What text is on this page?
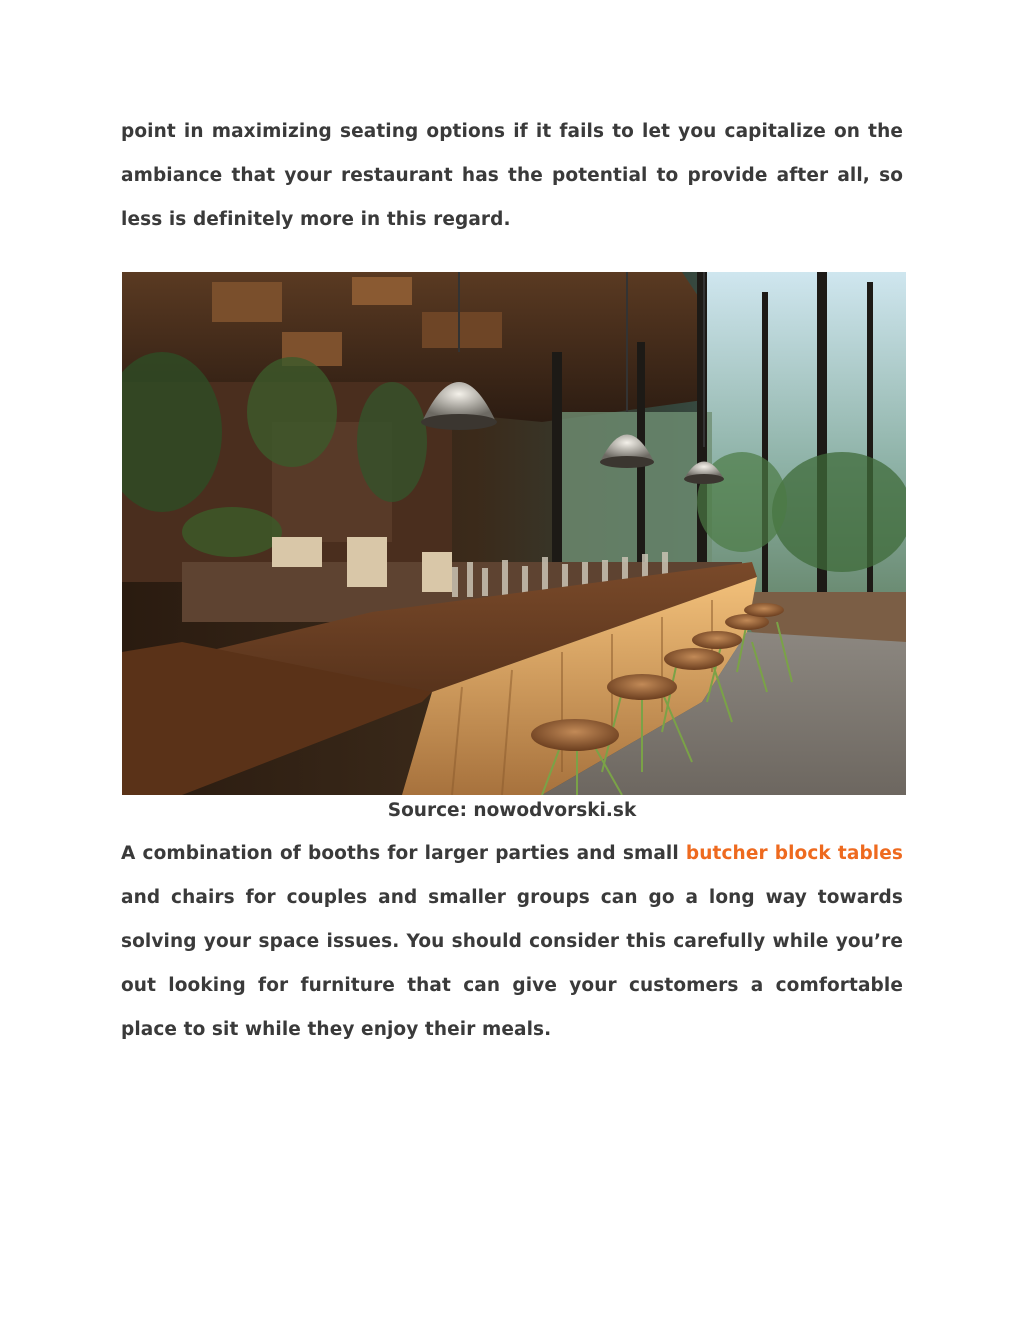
point in maximizing seating options if it fails to let you capitalize on the ambiance that your restaurant has the potential to provide after all, so less is definitely more in this regard.

Source: nowodvorski.sk

A combination of booths for larger parties and small butcher block tables and chairs for couples and smaller groups can go a long way towards solving your space issues. You should consider this carefully while you’re out looking for furniture that can give your customers a comfortable place to sit while they enjoy their meals.
